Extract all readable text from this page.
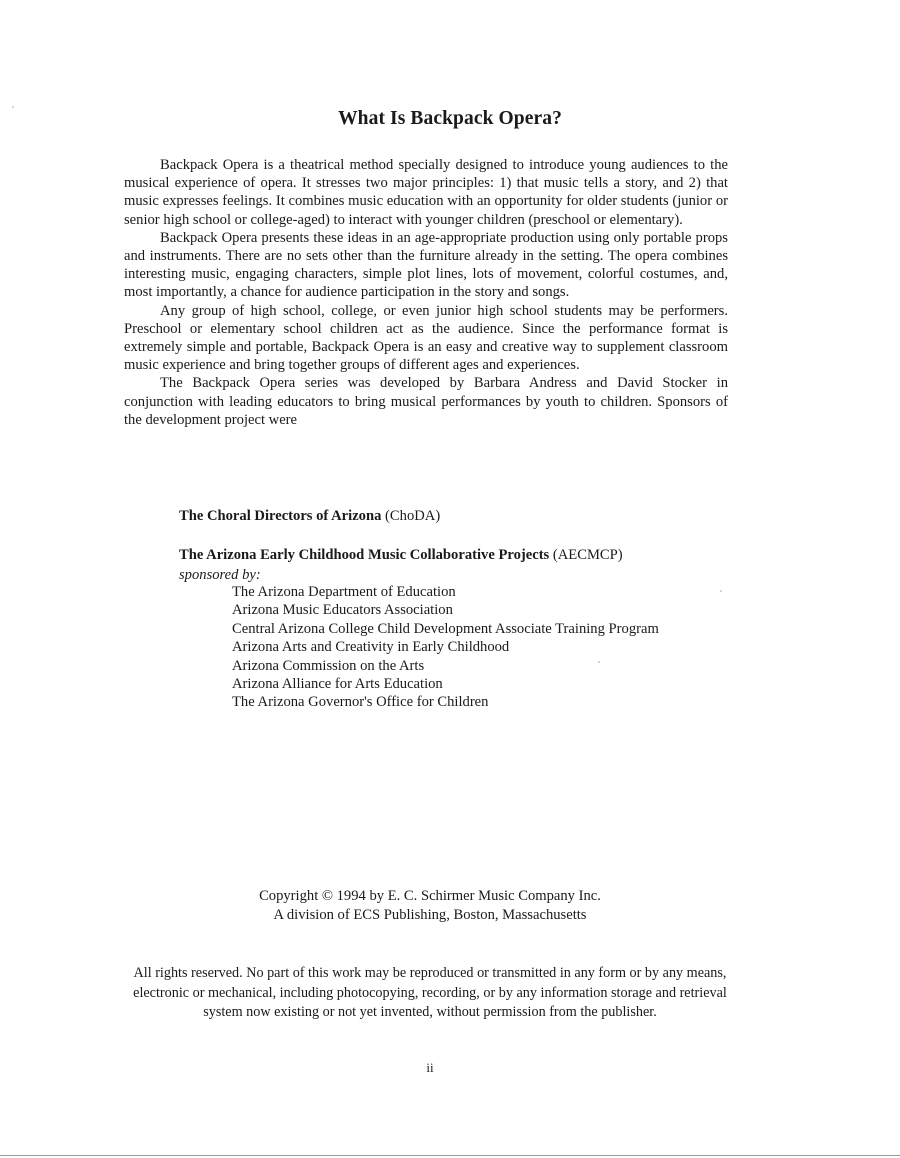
What Is Backpack Opera?

Backpack Opera is a theatrical method specially designed to introduce young audiences to the musical experience of opera. It stresses two major principles: 1) that music tells a story, and 2) that music expresses feelings. It combines music education with an opportunity for older students (junior or senior high school or college-aged) to interact with younger children (preschool or elementary).

Backpack Opera presents these ideas in an age-appropriate production using only portable props and instruments. There are no sets other than the furniture already in the setting. The opera combines interesting music, engaging characters, simple plot lines, lots of movement, colorful costumes, and, most importantly, a chance for audience participation in the story and songs.

Any group of high school, college, or even junior high school students may be performers. Preschool or elementary school children act as the audience. Since the performance format is extremely simple and portable, Backpack Opera is an easy and creative way to supplement classroom music experience and bring together groups of different ages and experiences.

The Backpack Opera series was developed by Barbara Andress and David Stocker in conjunction with leading educators to bring musical performances by youth to children. Sponsors of the development project were

The Choral Directors of Arizona (ChoDA)
The Arizona Early Childhood Music Collaborative Projects (AECMCP)
sponsored by:
The Arizona Department of Education
Arizona Music Educators Association
Central Arizona College Child Development Associate Training Program
Arizona Arts and Creativity in Early Childhood
Arizona Commission on the Arts
Arizona Alliance for Arts Education
The Arizona Governor's Office for Children
Copyright © 1994 by E. C. Schirmer Music Company Inc.
A division of ECS Publishing, Boston, Massachusetts
All rights reserved. No part of this work may be reproduced or transmitted in any form or by any means, electronic or mechanical, including photocopying, recording, or by any information storage and retrieval system now existing or not yet invented, without permission from the publisher.
ii
